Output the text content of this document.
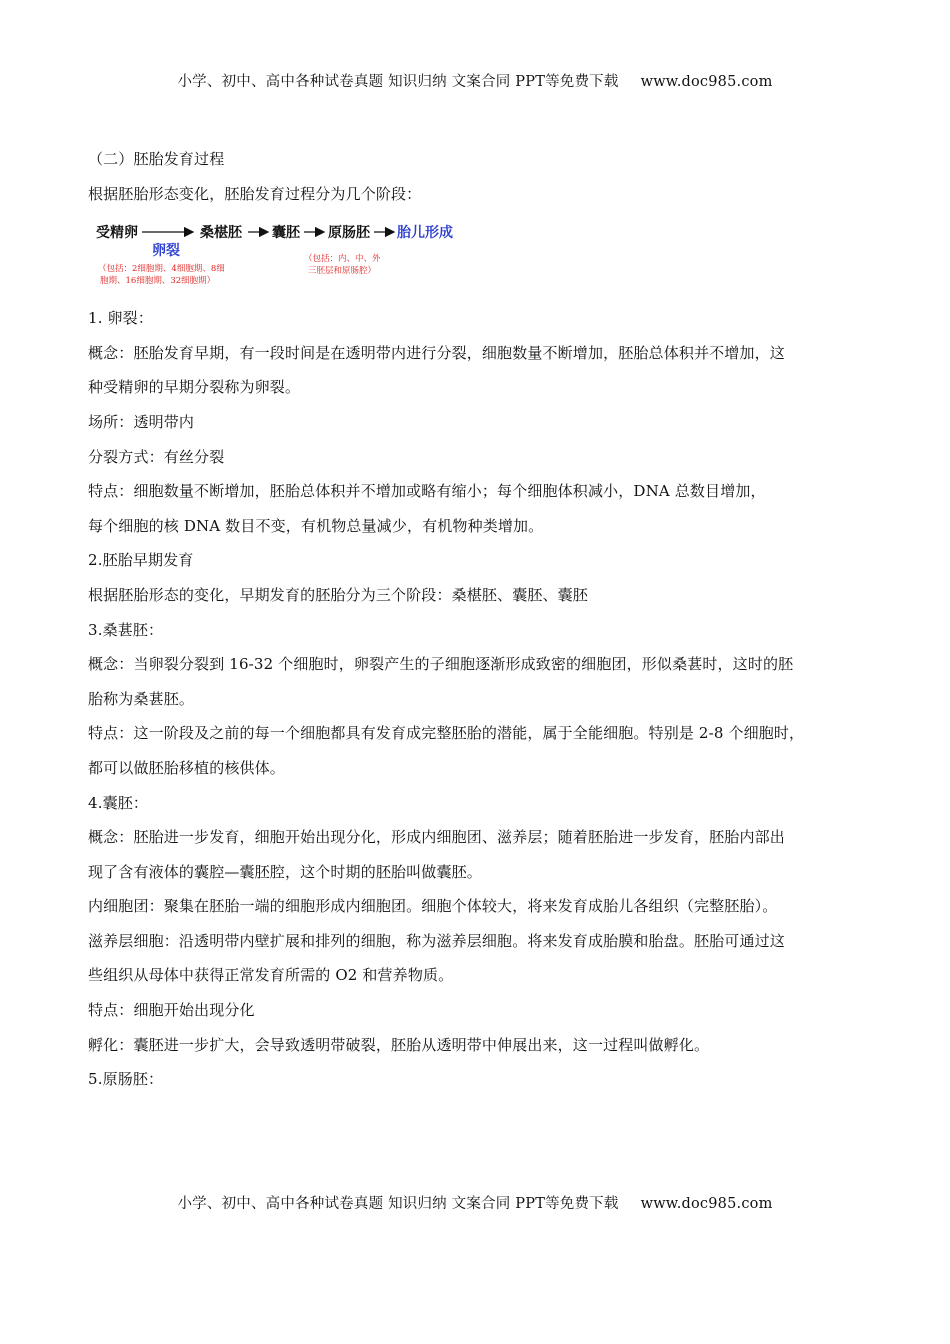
小学、初中、高中各种试卷真题 知识归纳 文案合同 PPT等免费下载 www.doc985.com
（二）胚胎发育过程
根据胚胎形态变化，胚胎发育过程分为几个阶段：
受精卵	桑椹胚 囊胚 原肠胚 胎儿形成
卵裂
（包括：2细胞期、4细胞期、8细
胞期、16细胞期、32细胞期）
（包括：内、中、外
三胚层和原肠腔）
1. 卵裂：
概念：胚胎发育早期，有一段时间是在透明带内进行分裂，细胞数量不断增加，胚胎总体积并不增加，这
种受精卵的早期分裂称为卵裂。
场所：透明带内
分裂方式：有丝分裂
特点：细胞数量不断增加，胚胎总体积并不增加或略有缩小；每个细胞体积减小，DNA 总数目增加，
每个细胞的核 DNA 数目不变，有机物总量减少，有机物种类增加。
2.胚胎早期发育
根据胚胎形态的变化，早期发育的胚胎分为三个阶段：桑椹胚、囊胚、囊胚
3.桑葚胚：
概念：当卵裂分裂到 16-32 个细胞时，卵裂产生的子细胞逐渐形成致密的细胞团，形似桑葚时，这时的胚
胎称为桑葚胚。
特点：这一阶段及之前的每一个细胞都具有发育成完整胚胎的潜能，属于全能细胞。特别是 2-8 个细胞时，
都可以做胚胎移植的核供体。
4.囊胚：
概念：胚胎进一步发育，细胞开始出现分化，形成内细胞团、滋养层；随着胚胎进一步发育，胚胎内部出
现了含有液体的囊腔—囊胚腔，这个时期的胚胎叫做囊胚。
内细胞团：聚集在胚胎一端的细胞形成内细胞团。细胞个体较大，将来发育成胎儿各组织（完整胚胎）。
滋养层细胞：沿透明带内壁扩展和排列的细胞，称为滋养层细胞。将来发育成胎膜和胎盘。胚胎可通过这
些组织从母体中获得正常发育所需的 O2 和营养物质。
特点：细胞开始出现分化
孵化：囊胚进一步扩大，会导致透明带破裂，胚胎从透明带中伸展出来，这一过程叫做孵化。
5.原肠胚：
小学、初中、高中各种试卷真题 知识归纳 文案合同 PPT等免费下载 www.doc985.com
